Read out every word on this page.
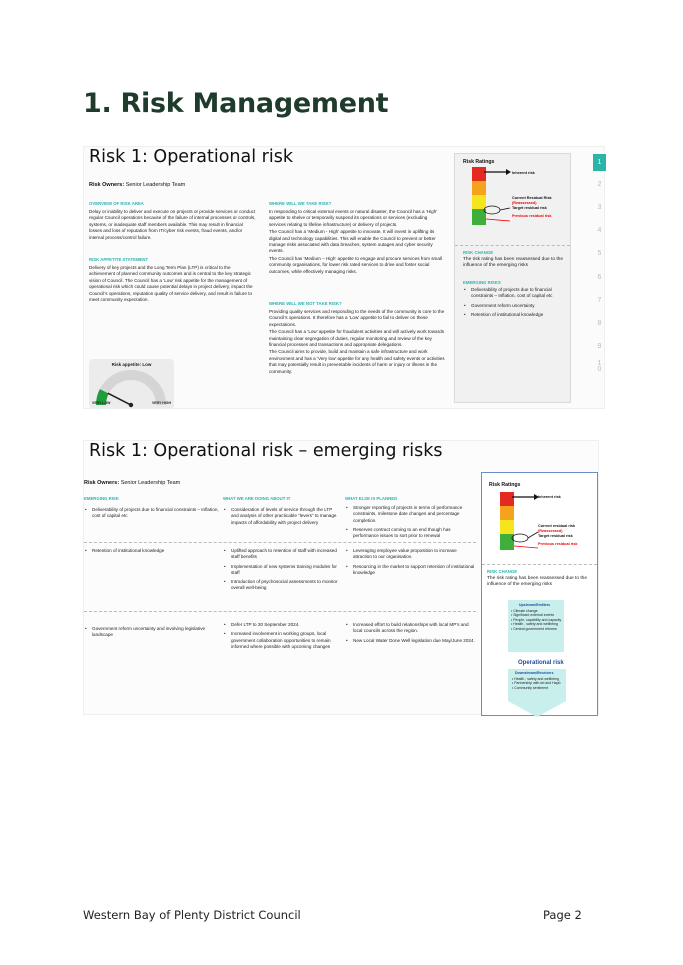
1. Risk Management
Risk 1: Operational risk
Risk Owners: Senior Leadership Team
OVERVIEW OF RISK AREA
Delay or inability to deliver and execute on projects or provide services or conduct regular Council operations because of the failure of internal processes or controls, systems, or inadequate staff members available. This may result in financial losses and loss of reputation from IT/cyber risk events, fraud events, and/or internal process/control failure.
RISK APPETITE STATEMENT
Delivery of key projects and the Long Term Plan (LTP) is critical to the achievement of planned community outcomes and is central to the key strategic vision of Council. The Council has a ‘Low’ risk appetite for the management of operational risk which could cause potential delays in project delivery, impact the Council’s operations, reputation quality of service delivery, and result in failure to meet community expectation.
Risk appetite: Low
VERY LOW	VERY HIGH
WHERE WILL WE TAKE RISK?

In responding to critical external events or natural disaster, the Council has a ‘High’ appetite to shelve or temporarily suspend its operations or services (excluding services relating to lifeline infrastructure) or delivery of projects.

The Council has a ‘Medium - High’ appetite to innovate. It will invest in uplifting its digital and technology capabilities. This will enable the Council to prevent or better manage risks associated with data breaches, system outages and cyber security events.

The Council has ‘Medium – High’ appetite to engage and procure services from small community organisations, for lower risk rated services to drive and foster social outcomes, while effectively managing risks.

WHERE WILL WE NOT TAKE RISK?

Providing quality services and responding to the needs of the community is core to the Council’s operations. It therefore has a ‘Low’ appetite to fail to deliver on these expectations.

The Council has a ‘Low’ appetite for fraudulent activities and will actively work towards maintaining clear segregation of duties, regular monitoring and review of the key financial processes and transactions and appropriate delegations.

The Council aims to provide, build and maintain a safe infrastructure and work environment and has a ‘Very low’ appetite for any health and safety events or activities that may potentially result in preventable incidents of harm or injury or illness in the community.

Risk Ratings
Inherent risk
Current Residual Risk
(Reassessed)
Target residual risk
Previous residual risk
RISK CHANGE
The risk rating has been reassessed due to the influence of the emerging risks
EMERGING RISKS
• Deliverability of projects due to financial constraints – Inflation, cost of capital etc
• Government reform uncertainty
• Retention of institutional knowledge
1
2
3
4
5
6
7
8
9
1
0
Risk 1: Operational risk – emerging risks
Risk Owners: Senior Leadership Team
EMERGING RISK	WHAT WE ARE DOING ABOUT IT	WHAT ELSE IS PLANNED
• Deliverability of projects due to financial constraints – Inflation, cost of capital etc
• Consideration of levels of service through the LTP and analysis of other practicable “levers” to manage impacts of affordability with project delivery
• Stronger reporting of projects in terms of performance constraints, milestone date changes and percentage completion.
• Reserves contract coming to an end though has performance issues to sort prior to renewal
• Retention of institutional knowledge
•	Uplifted approach to retention of staff with increased staff benefits
• Implementation of new systems training modules for staff
• Introduction of psychosocial assessments to monitor overall well-being
• Leveraging employee value proposition to increase attraction to our organisation.
• Resourcing in the market to support retention of institutional knowledge
• Government reform uncertainty and involving legislative landscape
• Defer LTP to 30 September 2024.
• Increased involvement in working groups, local government collaboration opportunities to remain informed where possible with upcoming changes
• Increased effort to build relationships with local MP’s and local councils across the region.
• New Local Water Done Well legislation due May/June 2024.
Risk Ratings
Inherent risk
Current residual risk
(Reassessed)
Target residual risk
Previous residual risk
RISK CHANGE
The risk rating has been reassessed due to the influence of the emerging risks
Upstream/Emitters
• Climate change
• Significant external events
• People, capability and capacity
• Health , safety and wellbeing
• Central government reforms
Operational risk
Downstream/Receivers
• Health , safety and wellbeing
• Partnership with iwi and Hapū
• Community sentiment
Western Bay of Plenty District Council	Page 2
